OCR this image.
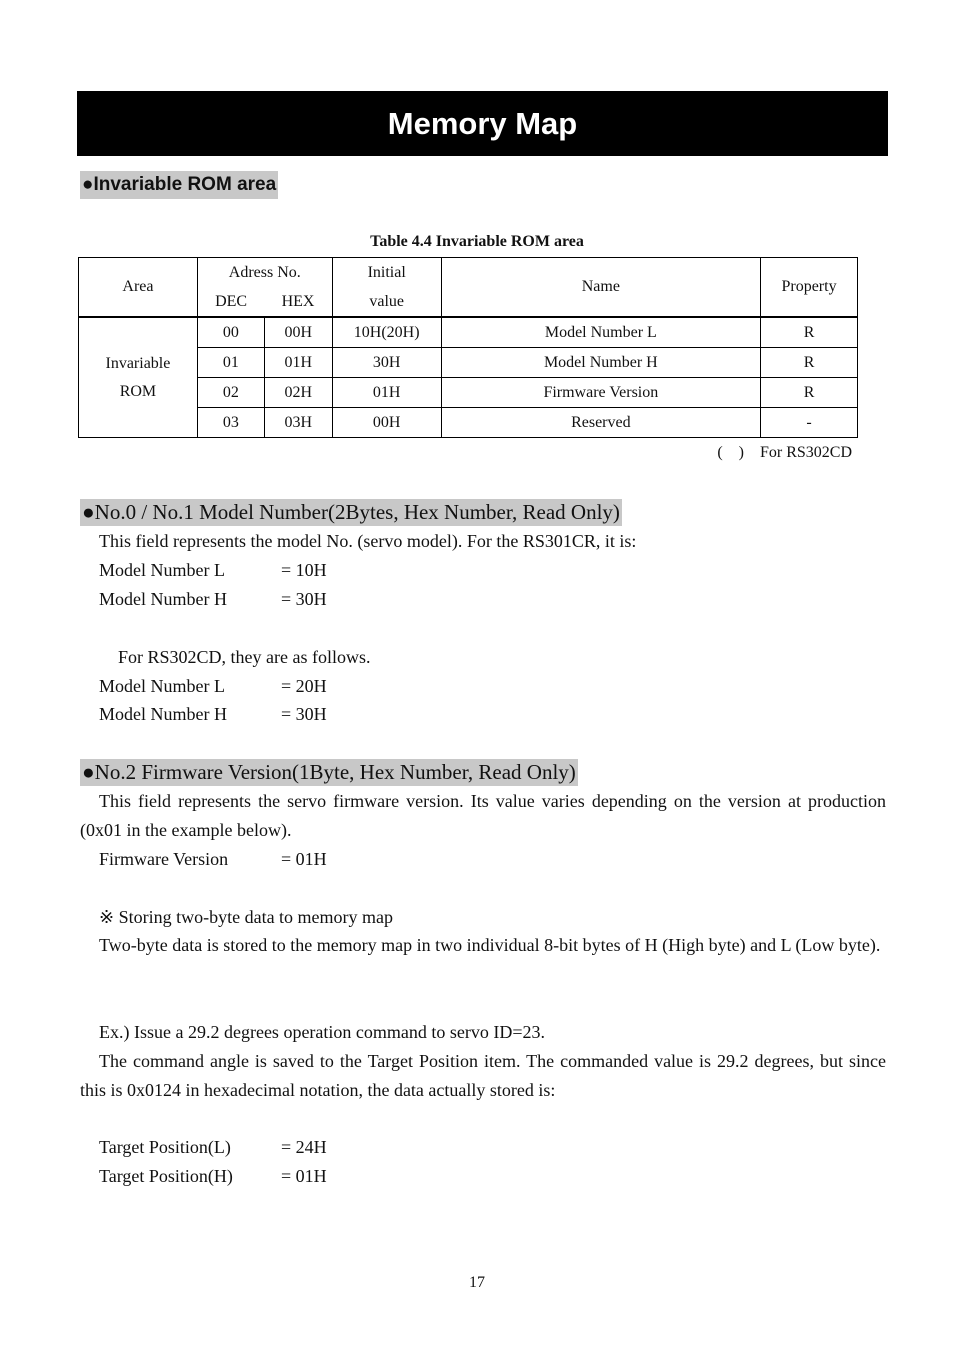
Memory Map
●Invariable ROM area
Table 4.4 Invariable ROM area
Area	Adress No.		Initial	Name	Property
	DEC	HEX	value		

Invariable
ROM	00	00H	10H(20H)	Model Number L	R
	01	01H	30H	Model Number H	R
	02	02H	01H	Firmware Version	R
	03	03H	00H	Reserved	-
(    )    For RS302CD
●No.0 / No.1 Model Number(2Bytes, Hex Number, Read Only)
This field represents the model No. (servo model). For the RS301CR, it is:
Model Number L	= 10H
Model Number H	= 30H
For RS302CD, they are as follows.
Model Number L	= 20H
Model Number H	= 30H
●No.2 Firmware Version(1Byte, Hex Number, Read Only)
This field represents the servo firmware version. Its value varies depending on the version at production (0x01 in the example below).
Firmware Version	= 01H
※ Storing two-byte data to memory map
Two-byte data is stored to the memory map in two individual 8-bit bytes of H (High byte) and L (Low byte).
Ex.) Issue a 29.2 degrees operation command to servo ID=23.
The command angle is saved to the Target Position item. The commanded value is 29.2 degrees, but since this is 0x0124 in hexadecimal notation, the data actually stored is:
Target Position(L)	= 24H
Target Position(H)	= 01H
17
